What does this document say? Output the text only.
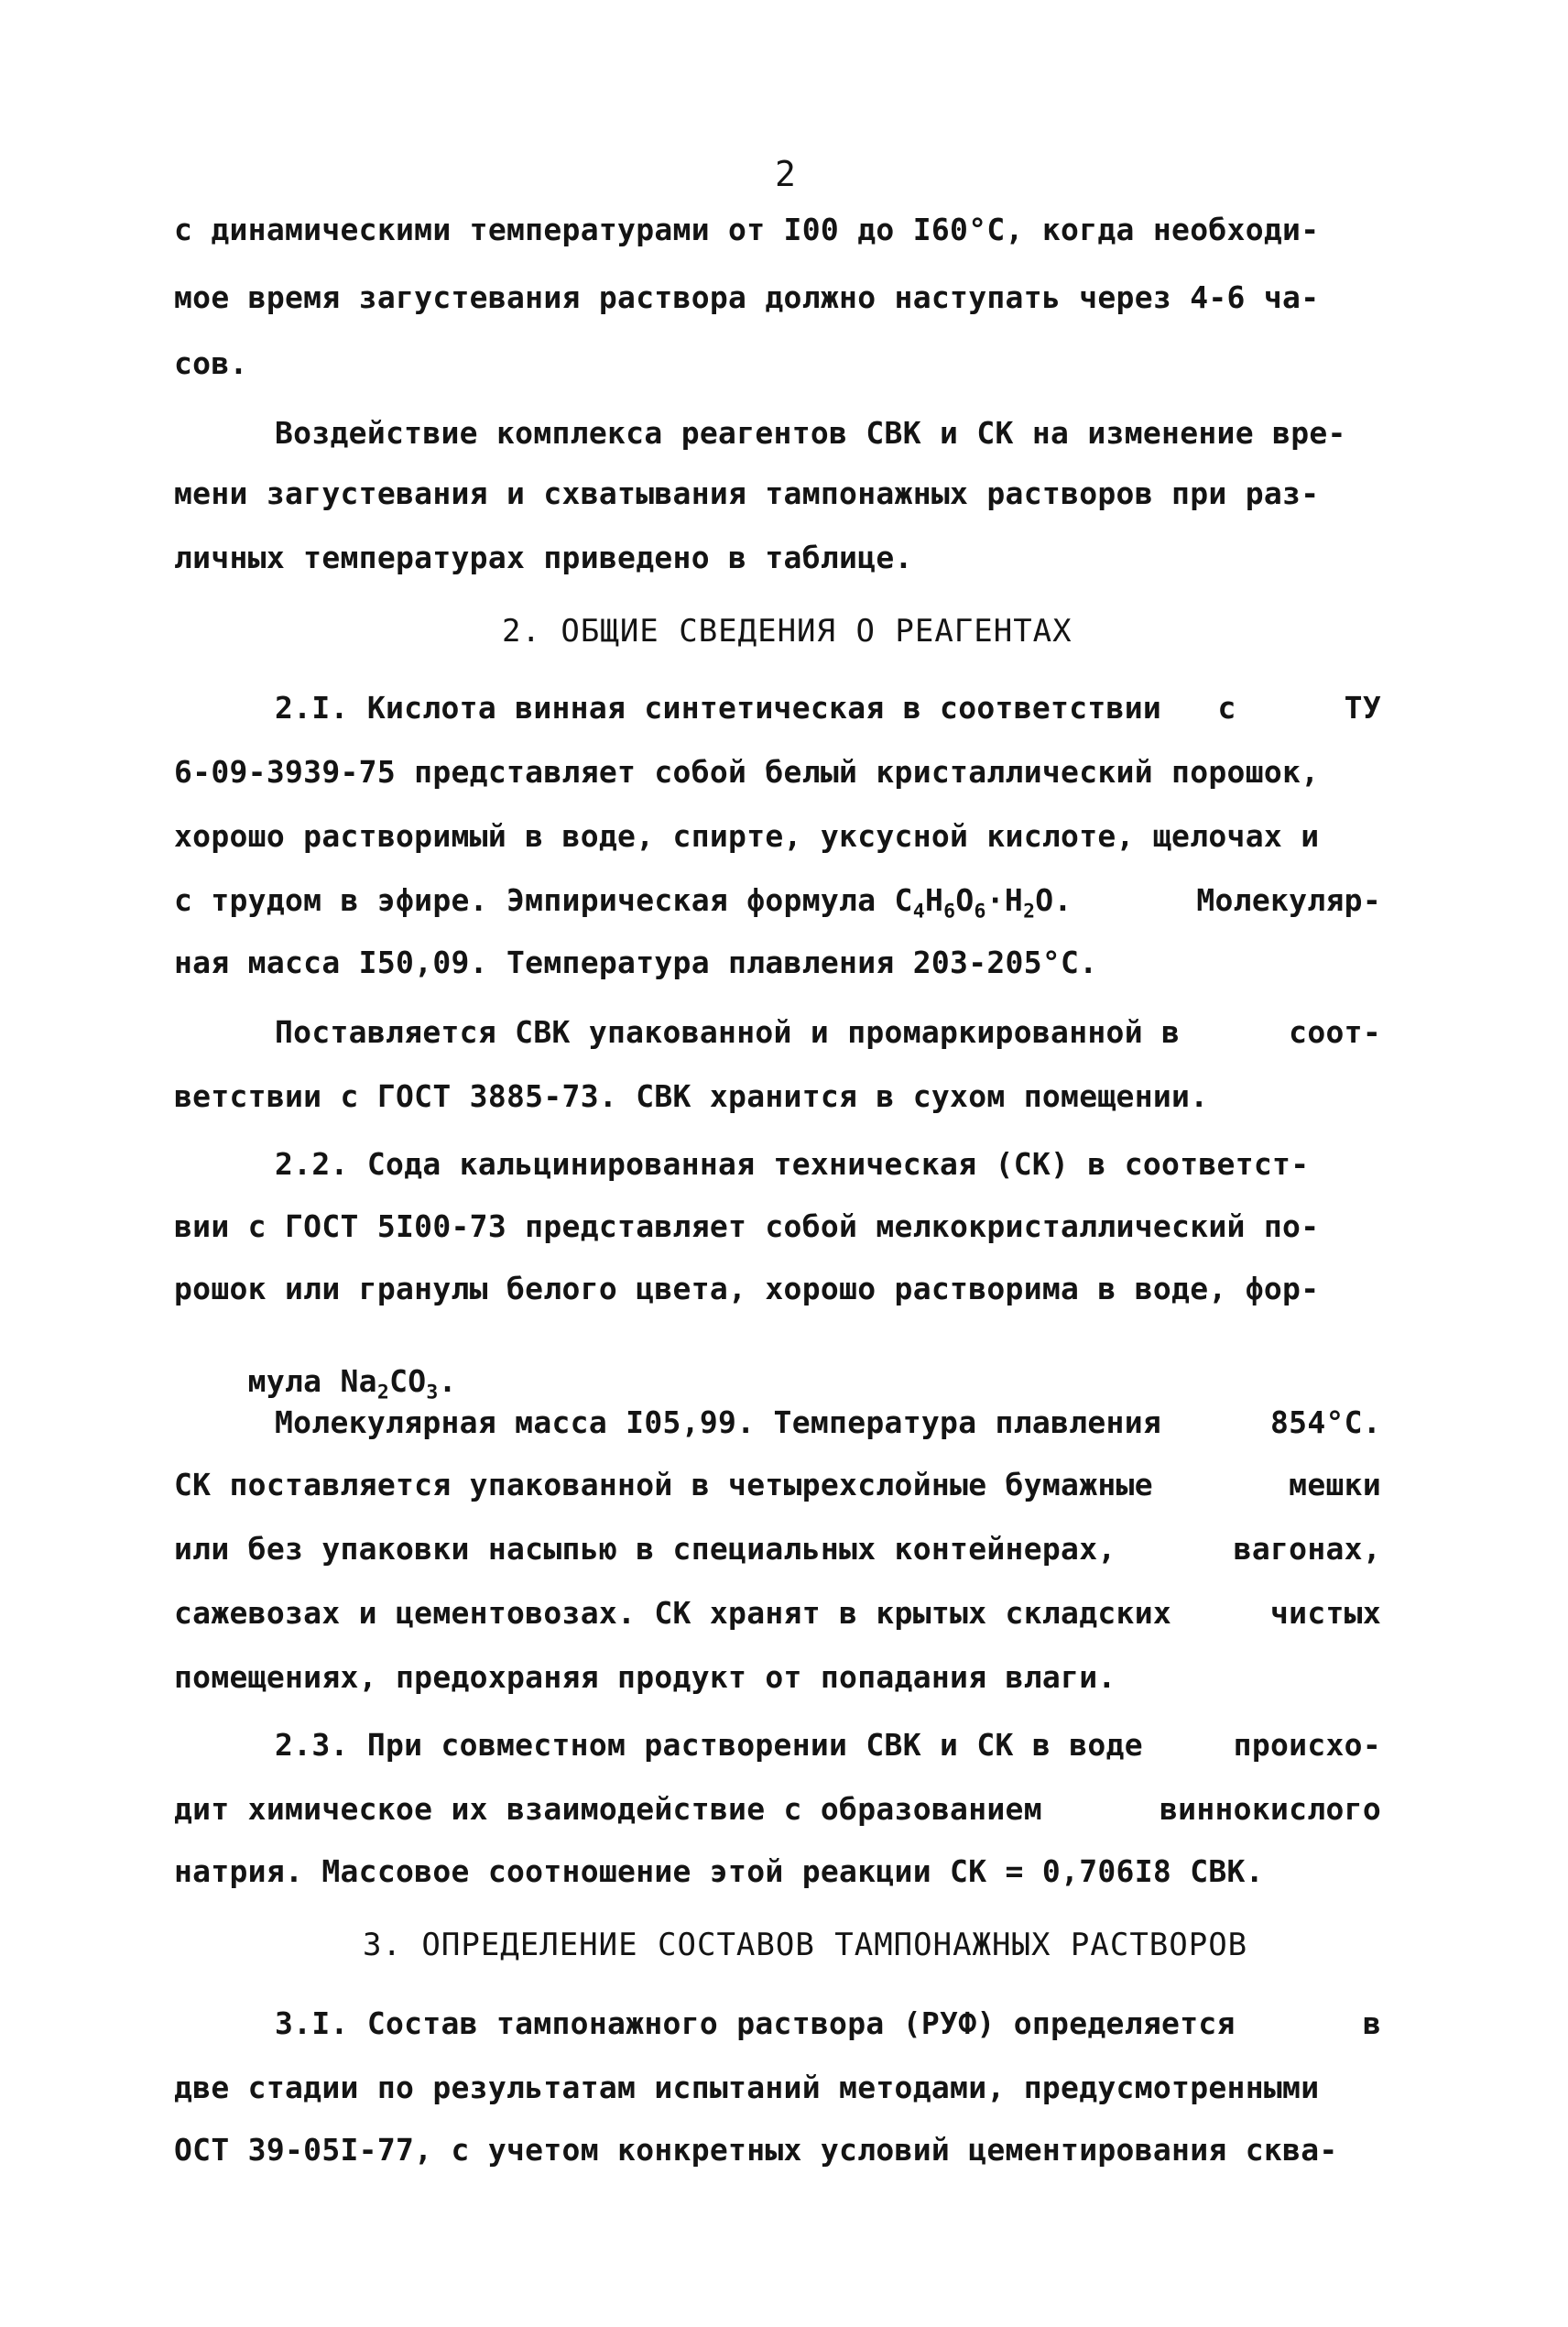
2
с динамическими температурами от I00 до I60°С, когда необходи-
мое время загустевания раствора должно наступать через 4-6 ча-
сов.
Воздействие комплекса реагентов СВК и СК на изменение вре-
мени загустевания и схватывания тампонажных растворов при раз-
личных температурах приведено в таблице.
2. ОБЩИЕ СВЕДЕНИЯ О РЕАГЕНТАХ
2.I. Кислота винная синтетическая в соответствии	с	ТУ
6-09-3939-75 представляет собой белый кристаллический порошок,
хорошо растворимый в воде, спирте, уксусной кислоте, щелочах и
с трудом в эфире. Эмпирическая формула $C_4H_6O_6\cdot H_2O$.	Молекуляр-
ная масса I50,09. Температура плавления 203-205°С.
Поставляется СВК упакованной и промаркированной в	соот-
ветствии с ГОСТ 3885-73. СВК хранится в сухом помещении.
2.2. Сода кальцинированная техническая (СК) в соответст-
вии с ГОСТ 5I00-73 представляет собой мелкокристаллический по-
рошок или гранулы белого цвета, хорошо растворима в воде, фор-

мула $Na_2CO_3$.

Молекулярная масса I05,99. Температура плавления	854°С.
СК поставляется упакованной в четырехслойные бумажные	мешки
или без упаковки насыпью в специальных контейнерах,	вагонах,
сажевозах и цементовозах. СК хранят в крытых складских	чистых
помещениях, предохраняя продукт от попадания влаги.
2.3. При совместном растворении СВК и СК в воде	происхо-
дит химическое их взаимодействие с образованием	виннокислого
натрия. Массовое соотношение этой реакции СК = 0,706I8 СВК.
3. ОПРЕДЕЛЕНИЕ СОСТАВОВ ТАМПОНАЖНЫХ РАСТВОРОВ
3.I. Состав тампонажного раствора (РУФ) определяется	в
две стадии по результатам испытаний методами, предусмотренными
ОСТ 39-05I-77, с учетом конкретных условий цементирования сква-
